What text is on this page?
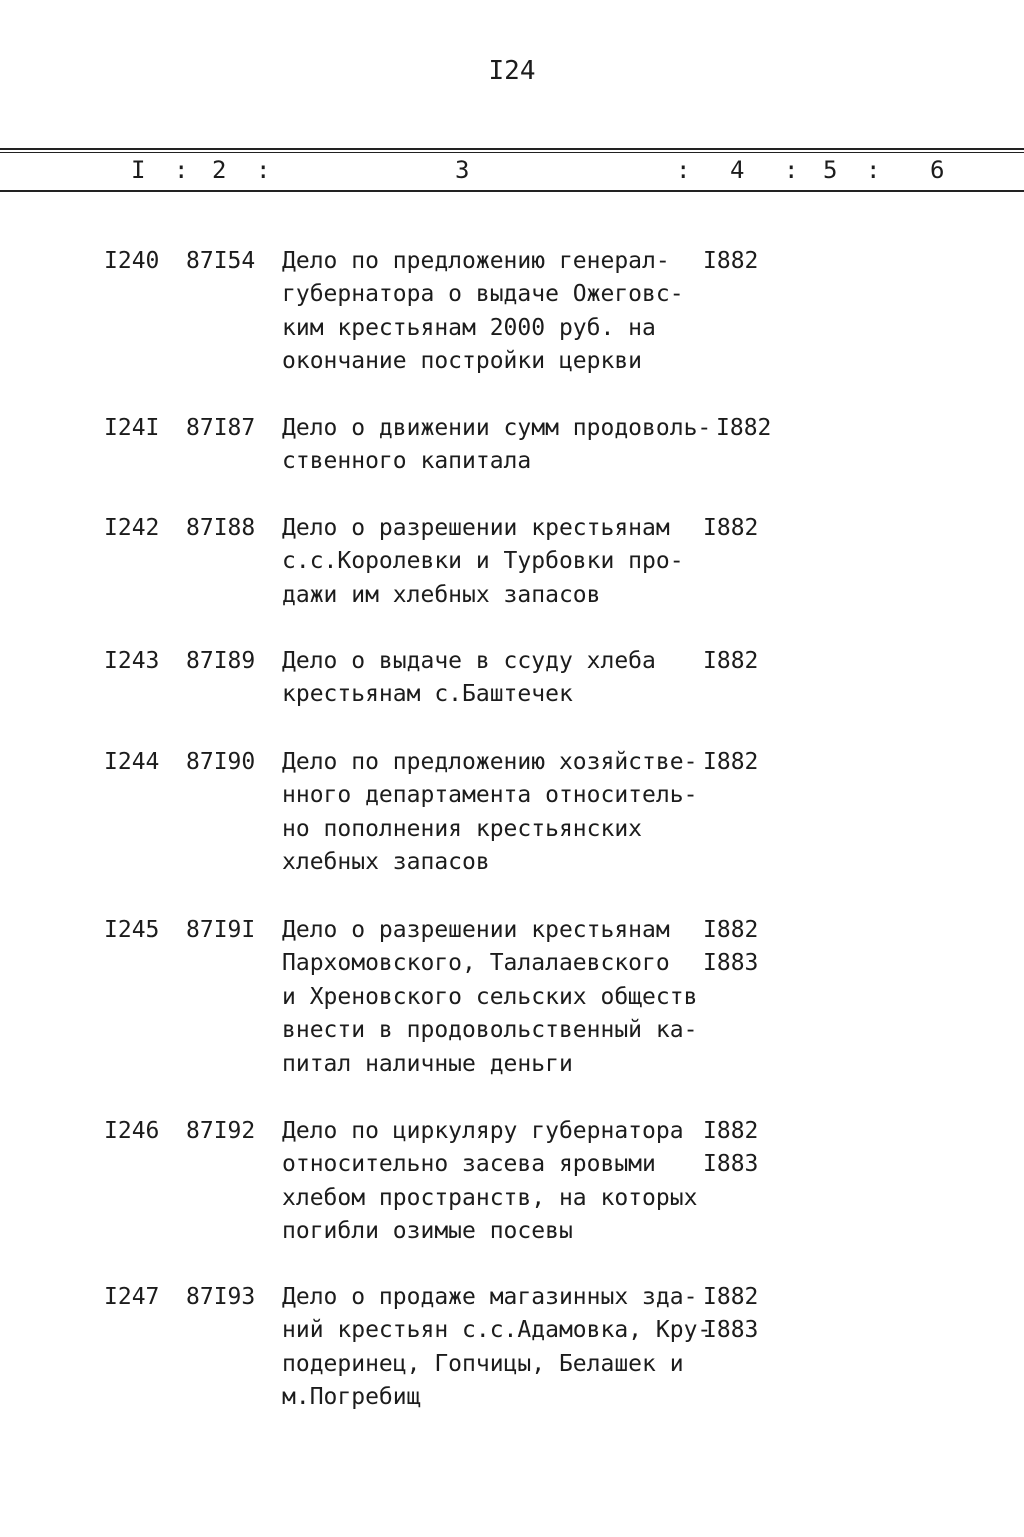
I24
I : 2 :	3	: 4 : 5 : 6
I240 87I54 Дело по предложению генерал-
губернатора о выдаче Ожеговс-
ким крестьянам 2000 руб. на
окончание постройки церкви
I882
I24I 87I87 Дело о движении сумм продоволь-
ственного капитала
I882
I242 87I88 Дело о разрешении крестьянам
с.с.Королевки и Турбовки про-
дажи им хлебных запасов
I882
I243 87I89 Дело о выдаче в ссуду хлеба
крестьянам с.Баштечек
I882
I244 87I90 Дело по предложению хозяйстве-
нного департамента относитель-
но пополнения крестьянских
хлебных запасов
I882
I245 87I9I Дело о разрешении крестьянам
Пархомовского, Талалаевского
и Хреновского сельских обществ
внести в продовольственный ка-
питал наличные деньги
I882
I883
I246 87I92 Дело по циркуляру губернатора
относительно засева яровыми
хлебом пространств, на которых
погибли озимые посевы
I882
I883
I247 87I93 Дело о продаже магазинных зда-
ний крестьян с.с.Адамовка, Кру-
подеринец, Гопчицы, Белашек и
м.Погребищ
I882
I883
